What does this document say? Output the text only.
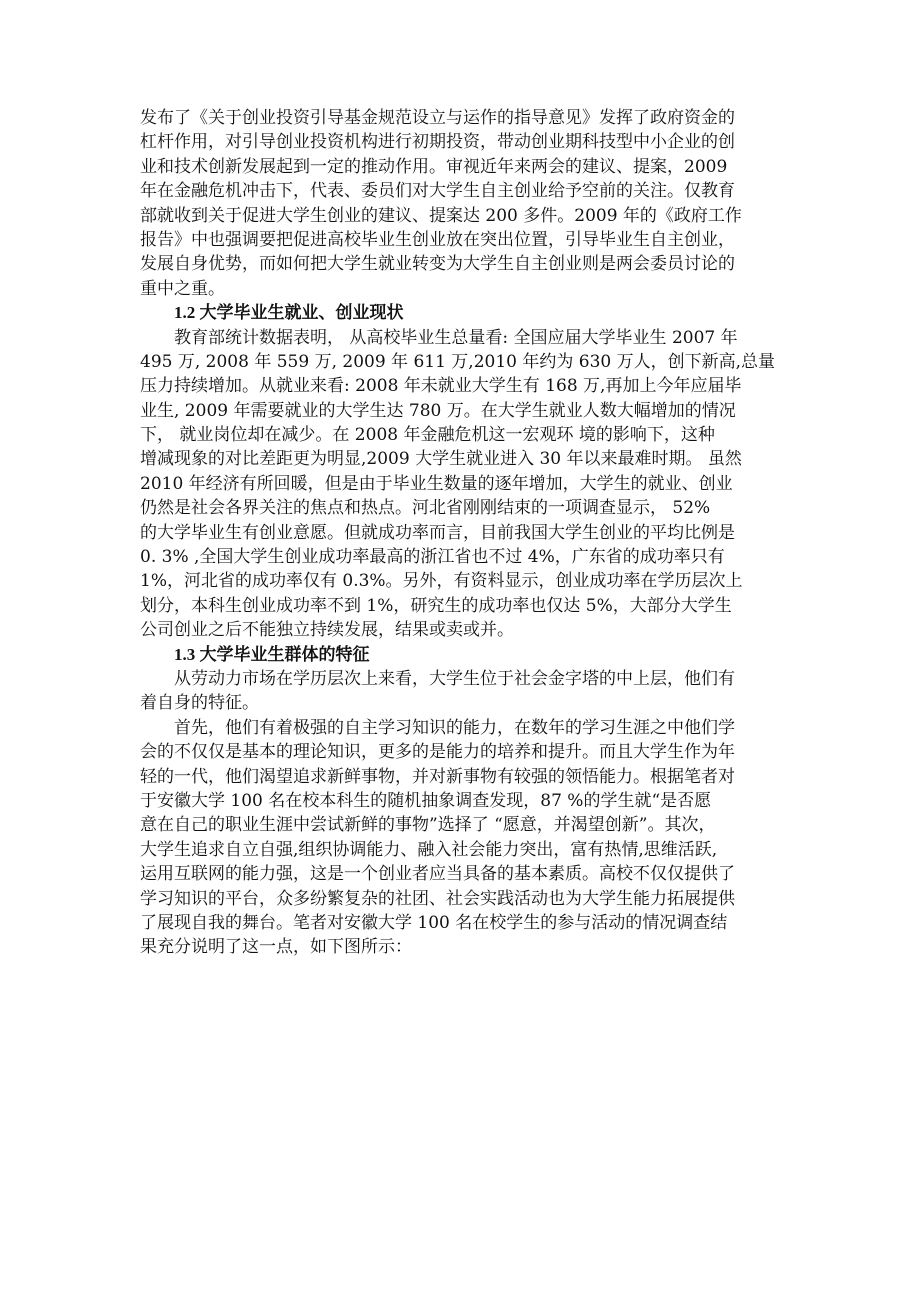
发布了《关于创业投资引导基金规范设立与运作的指导意见》发挥了政府资金的
杠杆作用，对引导创业投资机构进行初期投资，带动创业期科技型中小企业的创
业和技术创新发展起到一定的推动作用。审视近年来两会的建议、提案，2009
年在金融危机冲击下，代表、委员们对大学生自主创业给予空前的关注。仅教育
部就收到关于促进大学生创业的建议、提案达 200 多件。2009 年的《政府工作
报告》中也强调要把促进高校毕业生创业放在突出位置，引导毕业生自主创业，
发展自身优势，而如何把大学生就业转变为大学生自主创业则是两会委员讨论的
重中之重。
1.2 大学毕业生就业、创业现状
教育部统计数据表明， 从高校毕业生总量看: 全国应届大学毕业生 2007 年
495 万, 2008 年 559 万, 2009 年 611 万,2010 年约为 630 万人，创下新高,总量
压力持续增加。从就业来看: 2008 年未就业大学生有 168 万,再加上今年应届毕
业生, 2009 年需要就业的大学生达 780 万。在大学生就业人数大幅增加的情况
下， 就业岗位却在减少。在 2008 年金融危机这一宏观环 境的影响下，这种
增减现象的对比差距更为明显,2009 大学生就业进入 30 年以来最难时期。 虽然
2010 年经济有所回暖，但是由于毕业生数量的逐年增加，大学生的就业、创业
仍然是社会各界关注的焦点和热点。河北省刚刚结束的一项调查显示， 52%
的大学毕业生有创业意愿。但就成功率而言，目前我国大学生创业的平均比例是
0. 3% ,全国大学生创业成功率最高的浙江省也不过 4%，广东省的成功率只有
1%，河北省的成功率仅有 0.3%。另外，有资料显示，创业成功率在学历层次上
划分，本科生创业成功率不到 1%，研究生的成功率也仅达 5%，大部分大学生
公司创业之后不能独立持续发展，结果或卖或并。
1.3 大学毕业生群体的特征
从劳动力市场在学历层次上来看，大学生位于社会金字塔的中上层，他们有
着自身的特征。
首先，他们有着极强的自主学习知识的能力，在数年的学习生涯之中他们学
会的不仅仅是基本的理论知识，更多的是能力的培养和提升。而且大学生作为年
轻的一代，他们渴望追求新鲜事物，并对新事物有较强的领悟能力。根据笔者对
于安徽大学 100 名在校本科生的随机抽象调查发现，87 %的学生就“是否愿
意在自己的职业生涯中尝试新鲜的事物”选择了 “愿意，并渴望创新”。其次，
大学生追求自立自强,组织协调能力、融入社会能力突出，富有热情,思维活跃,
运用互联网的能力强，这是一个创业者应当具备的基本素质。高校不仅仅提供了
学习知识的平台，众多纷繁复杂的社团、社会实践活动也为大学生能力拓展提供
了展现自我的舞台。笔者对安徽大学 100 名在校学生的参与活动的情况调查结
果充分说明了这一点，如下图所示：
